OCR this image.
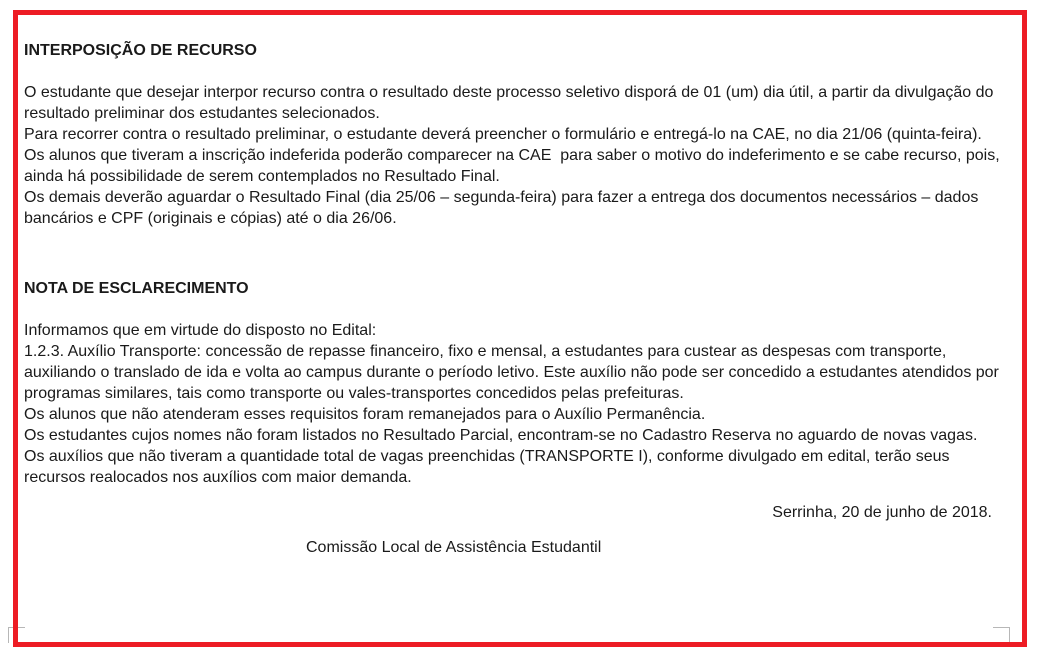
INTERPOSIÇÃO DE RECURSO

O estudante que desejar interpor recurso contra o resultado deste processo seletivo disporá de 01 (um) dia útil, a partir da divulgação do resultado preliminar dos estudantes selecionados.

Para recorrer contra o resultado preliminar, o estudante deverá preencher o formulário e entregá-lo na CAE, no dia 21/06 (quinta-feira).

Os alunos que tiveram a inscrição indeferida poderão comparecer na CAE  para saber o motivo do indeferimento e se cabe recurso, pois, ainda há possibilidade de serem contemplados no Resultado Final.

Os demais deverão aguardar o Resultado Final (dia 25/06 – segunda-feira) para fazer a entrega dos documentos necessários – dados bancários e CPF (originais e cópias) até o dia 26/06.

NOTA DE ESCLARECIMENTO

Informamos que em virtude do disposto no Edital:

1.2.3. Auxílio Transporte: concessão de repasse financeiro, fixo e mensal, a estudantes para custear as despesas com transporte, auxiliando o translado de ida e volta ao campus durante o período letivo. Este auxílio não pode ser concedido a estudantes atendidos por programas similares, tais como transporte ou vales-transportes concedidos pelas prefeituras.

Os alunos que não atenderam esses requisitos foram remanejados para o Auxílio Permanência.

Os estudantes cujos nomes não foram listados no Resultado Parcial, encontram-se no Cadastro Reserva no aguardo de novas vagas.

Os auxílios que não tiveram a quantidade total de vagas preenchidas (TRANSPORTE I), conforme divulgado em edital, terão seus recursos realocados nos auxílios com maior demanda.

Serrinha, 20 de junho de 2018.
Comissão Local de Assistência Estudantil
